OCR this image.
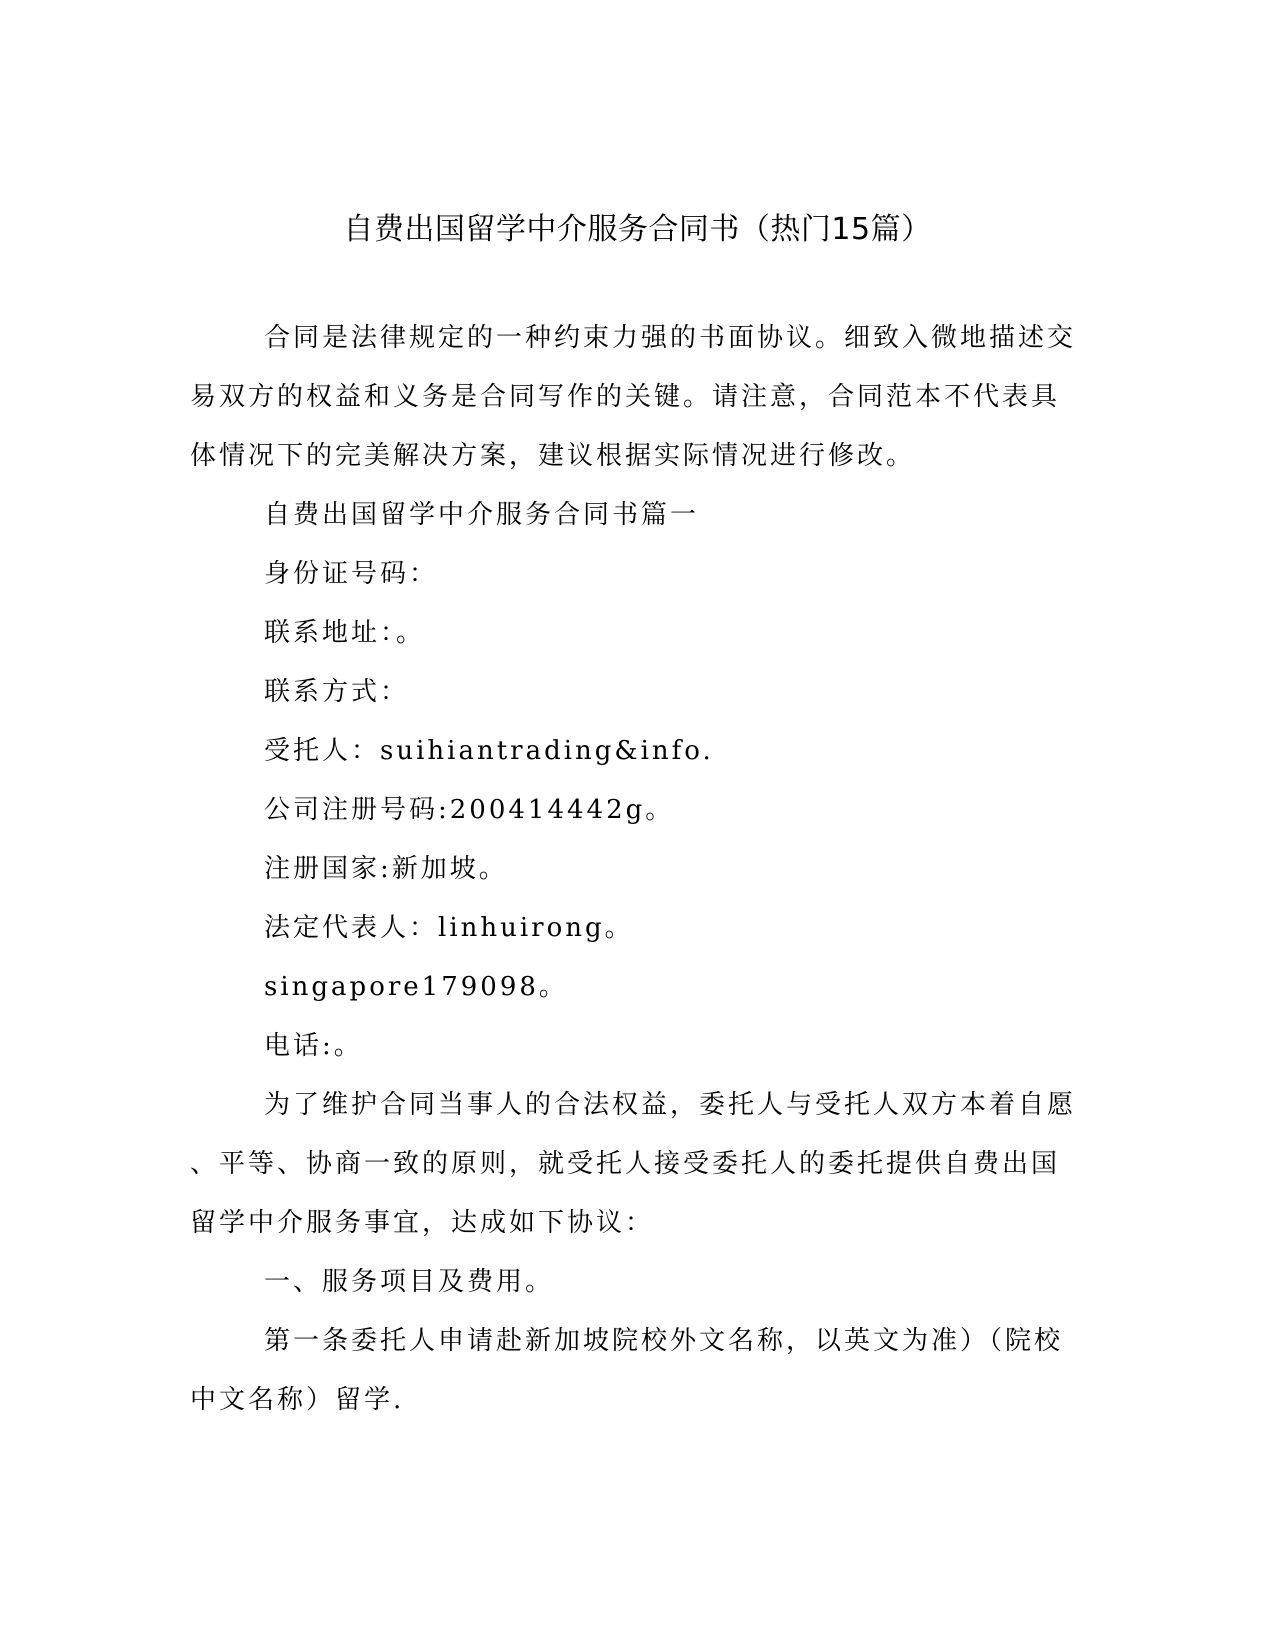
自费出国留学中介服务合同书（热门15篇）
合同是法律规定的一种约束力强的书面协议。细致入微地描述交
易双方的权益和义务是合同写作的关键。请注意，合同范本不代表具
体情况下的完美解决方案，建议根据实际情况进行修改。
自费出国留学中介服务合同书篇一
身份证号码：
联系地址：。
联系方式：
受托人：suihiantrading&info.
公司注册号码:200414442g。
注册国家:新加坡。
法定代表人：linhuirong。
singapore179098。
电话:。
为了维护合同当事人的合法权益，委托人与受托人双方本着自愿
、平等、协商一致的原则，就受托人接受委托人的委托提供自费出国
留学中介服务事宜，达成如下协议：
一、服务项目及费用。
第一条委托人申请赴新加坡院校外文名称，以英文为准）（院校
中文名称）留学.
